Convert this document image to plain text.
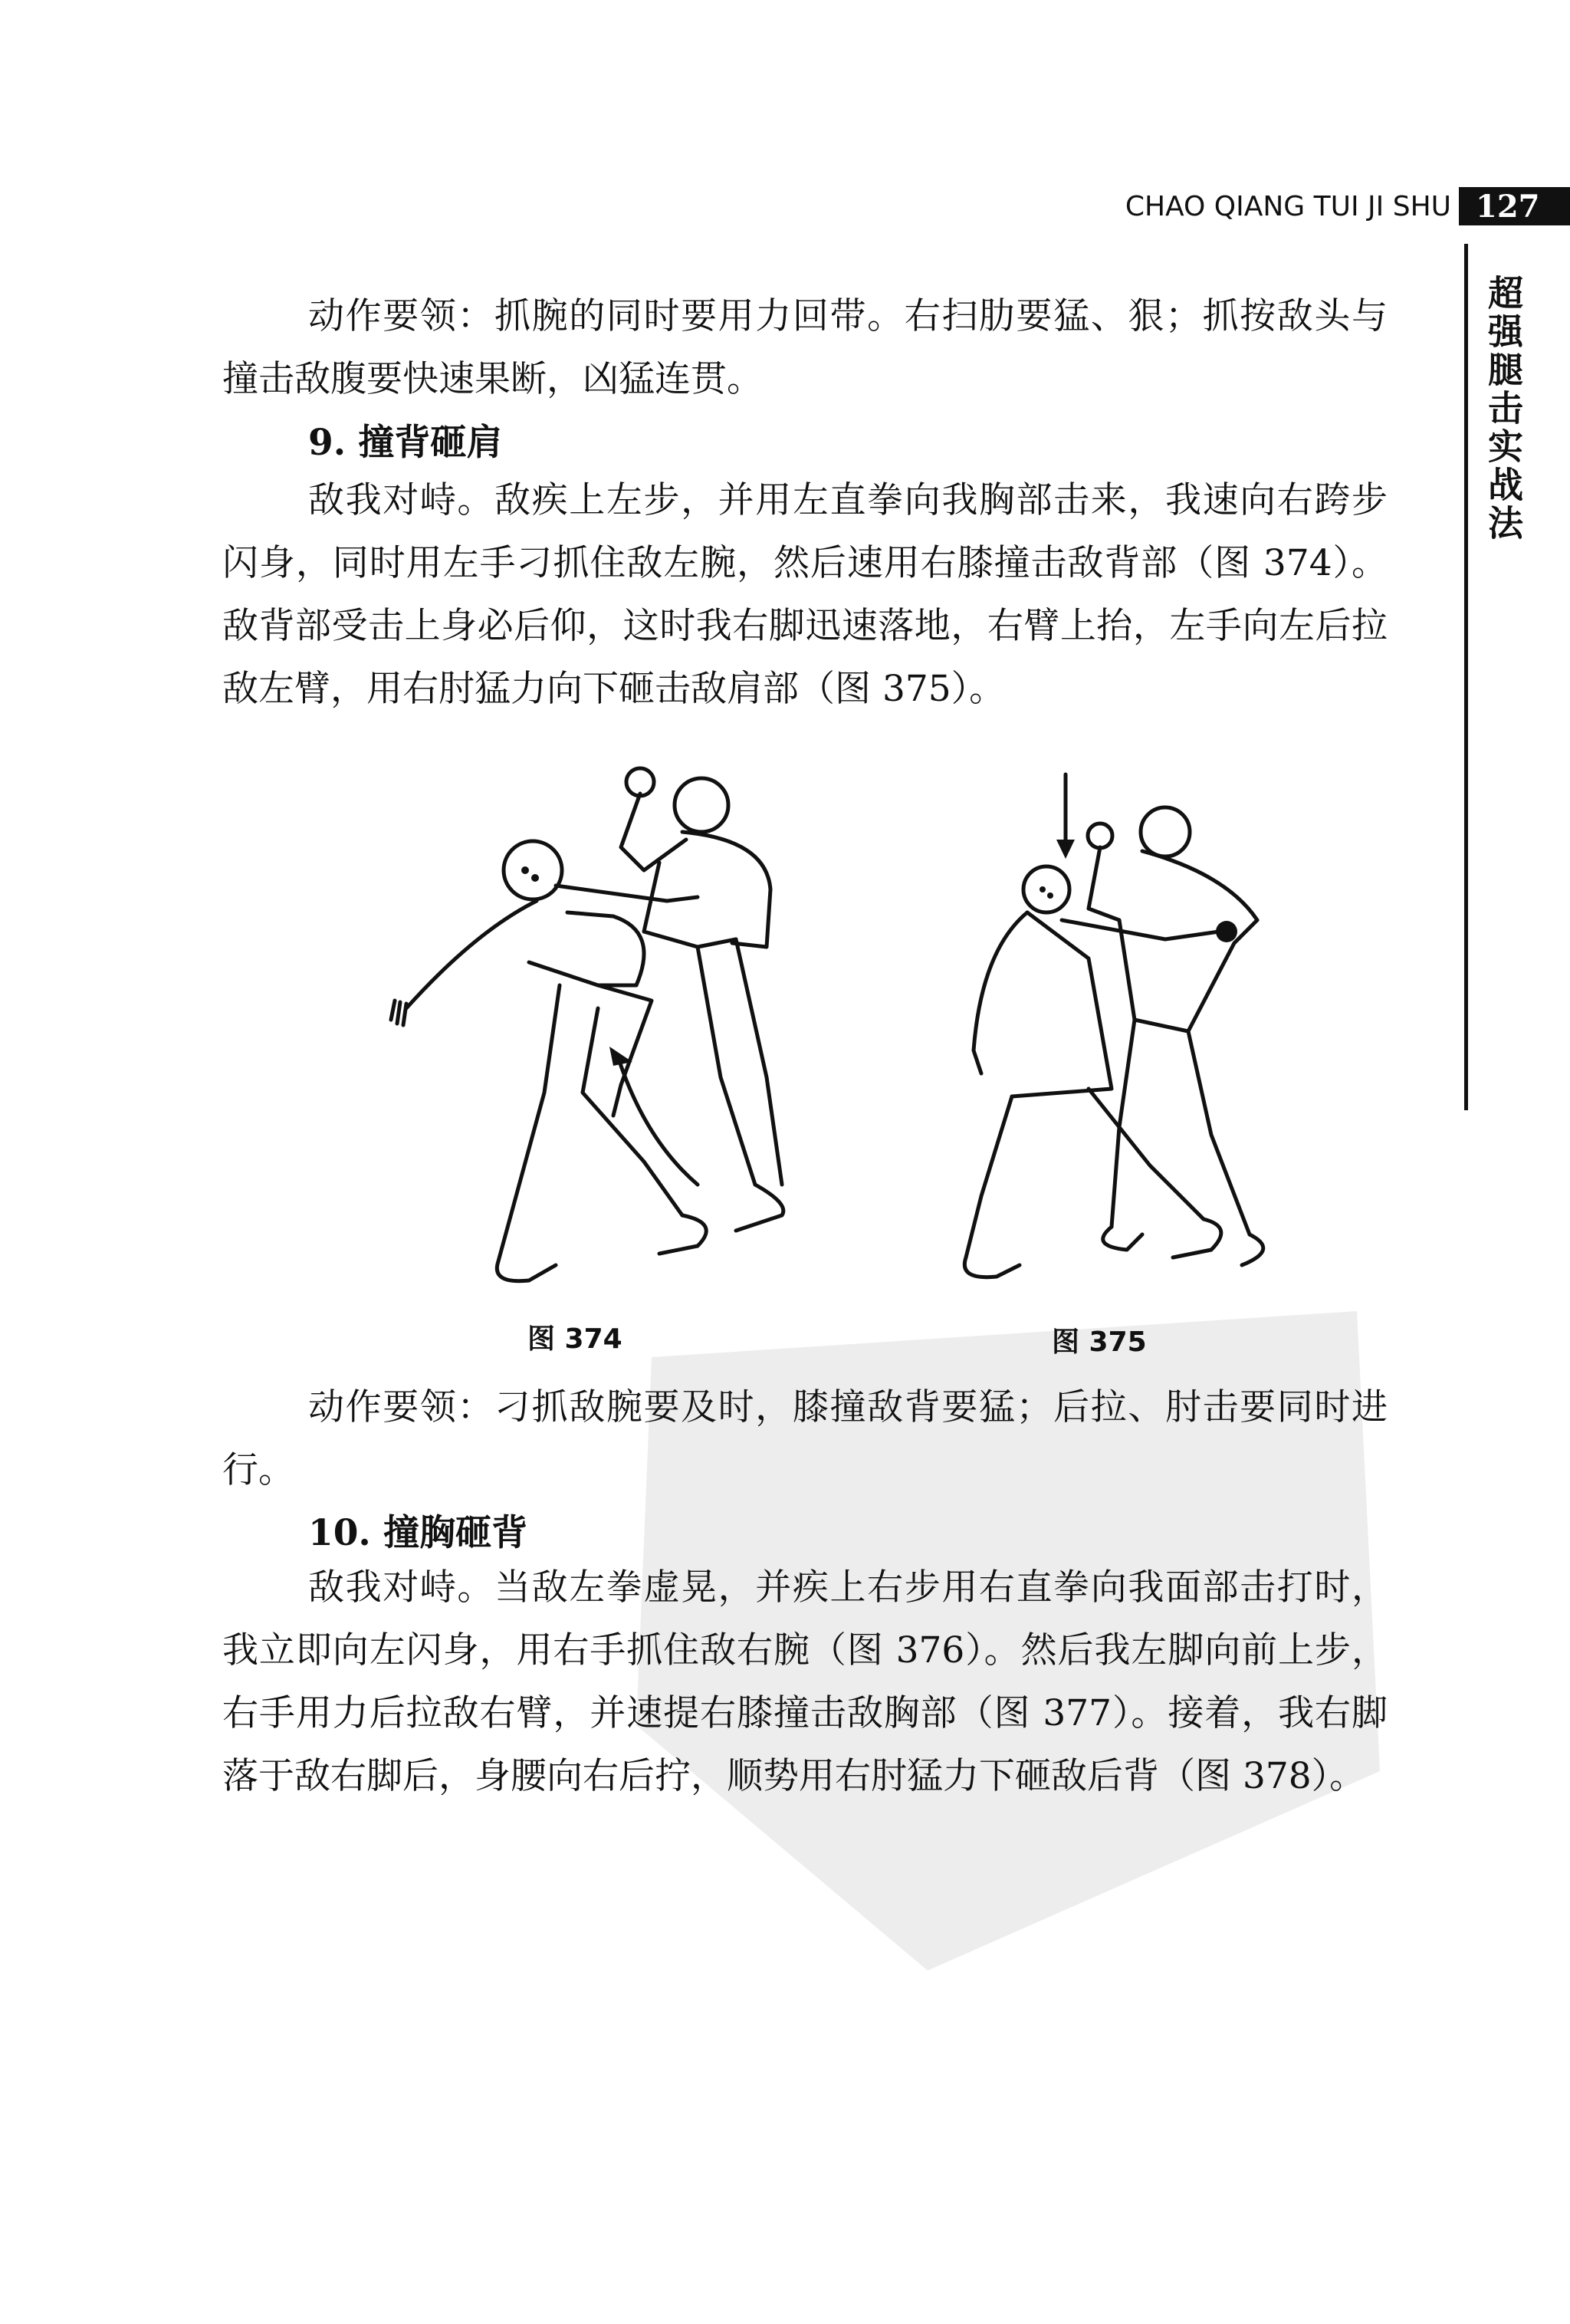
CHAO QIANG TUI JI SHU 127
超强腿击实战法

动作要领：抓腕的同时要用力回带。右扫肋要猛、狠；抓按敌头与撞击敌腹要快速果断，凶猛连贯。

9. 撞背砸肩

敌我对峙。敌疾上左步，并用左直拳向我胸部击来，我速向右跨步闪身，同时用左手刁抓住敌左腕，然后速用右膝撞击敌背部（图 374）。敌背部受击上身必后仰，这时我右脚迅速落地，右臂上抬，左手向左后拉敌左臂，用右肘猛力向下砸击敌肩部（图 375）。

图 374	图 375

动作要领：刁抓敌腕要及时，膝撞敌背要猛；后拉、肘击要同时进行。

10. 撞胸砸背

敌我对峙。当敌左拳虚晃，并疾上右步用右直拳向我面部击打时，我立即向左闪身，用右手抓住敌右腕（图 376）。然后我左脚向前上步，右手用力后拉敌右臂，并速提右膝撞击敌胸部（图 377）。接着，我右脚落于敌右脚后，身腰向右后拧，顺势用右肘猛力下砸敌后背（图 378）。
